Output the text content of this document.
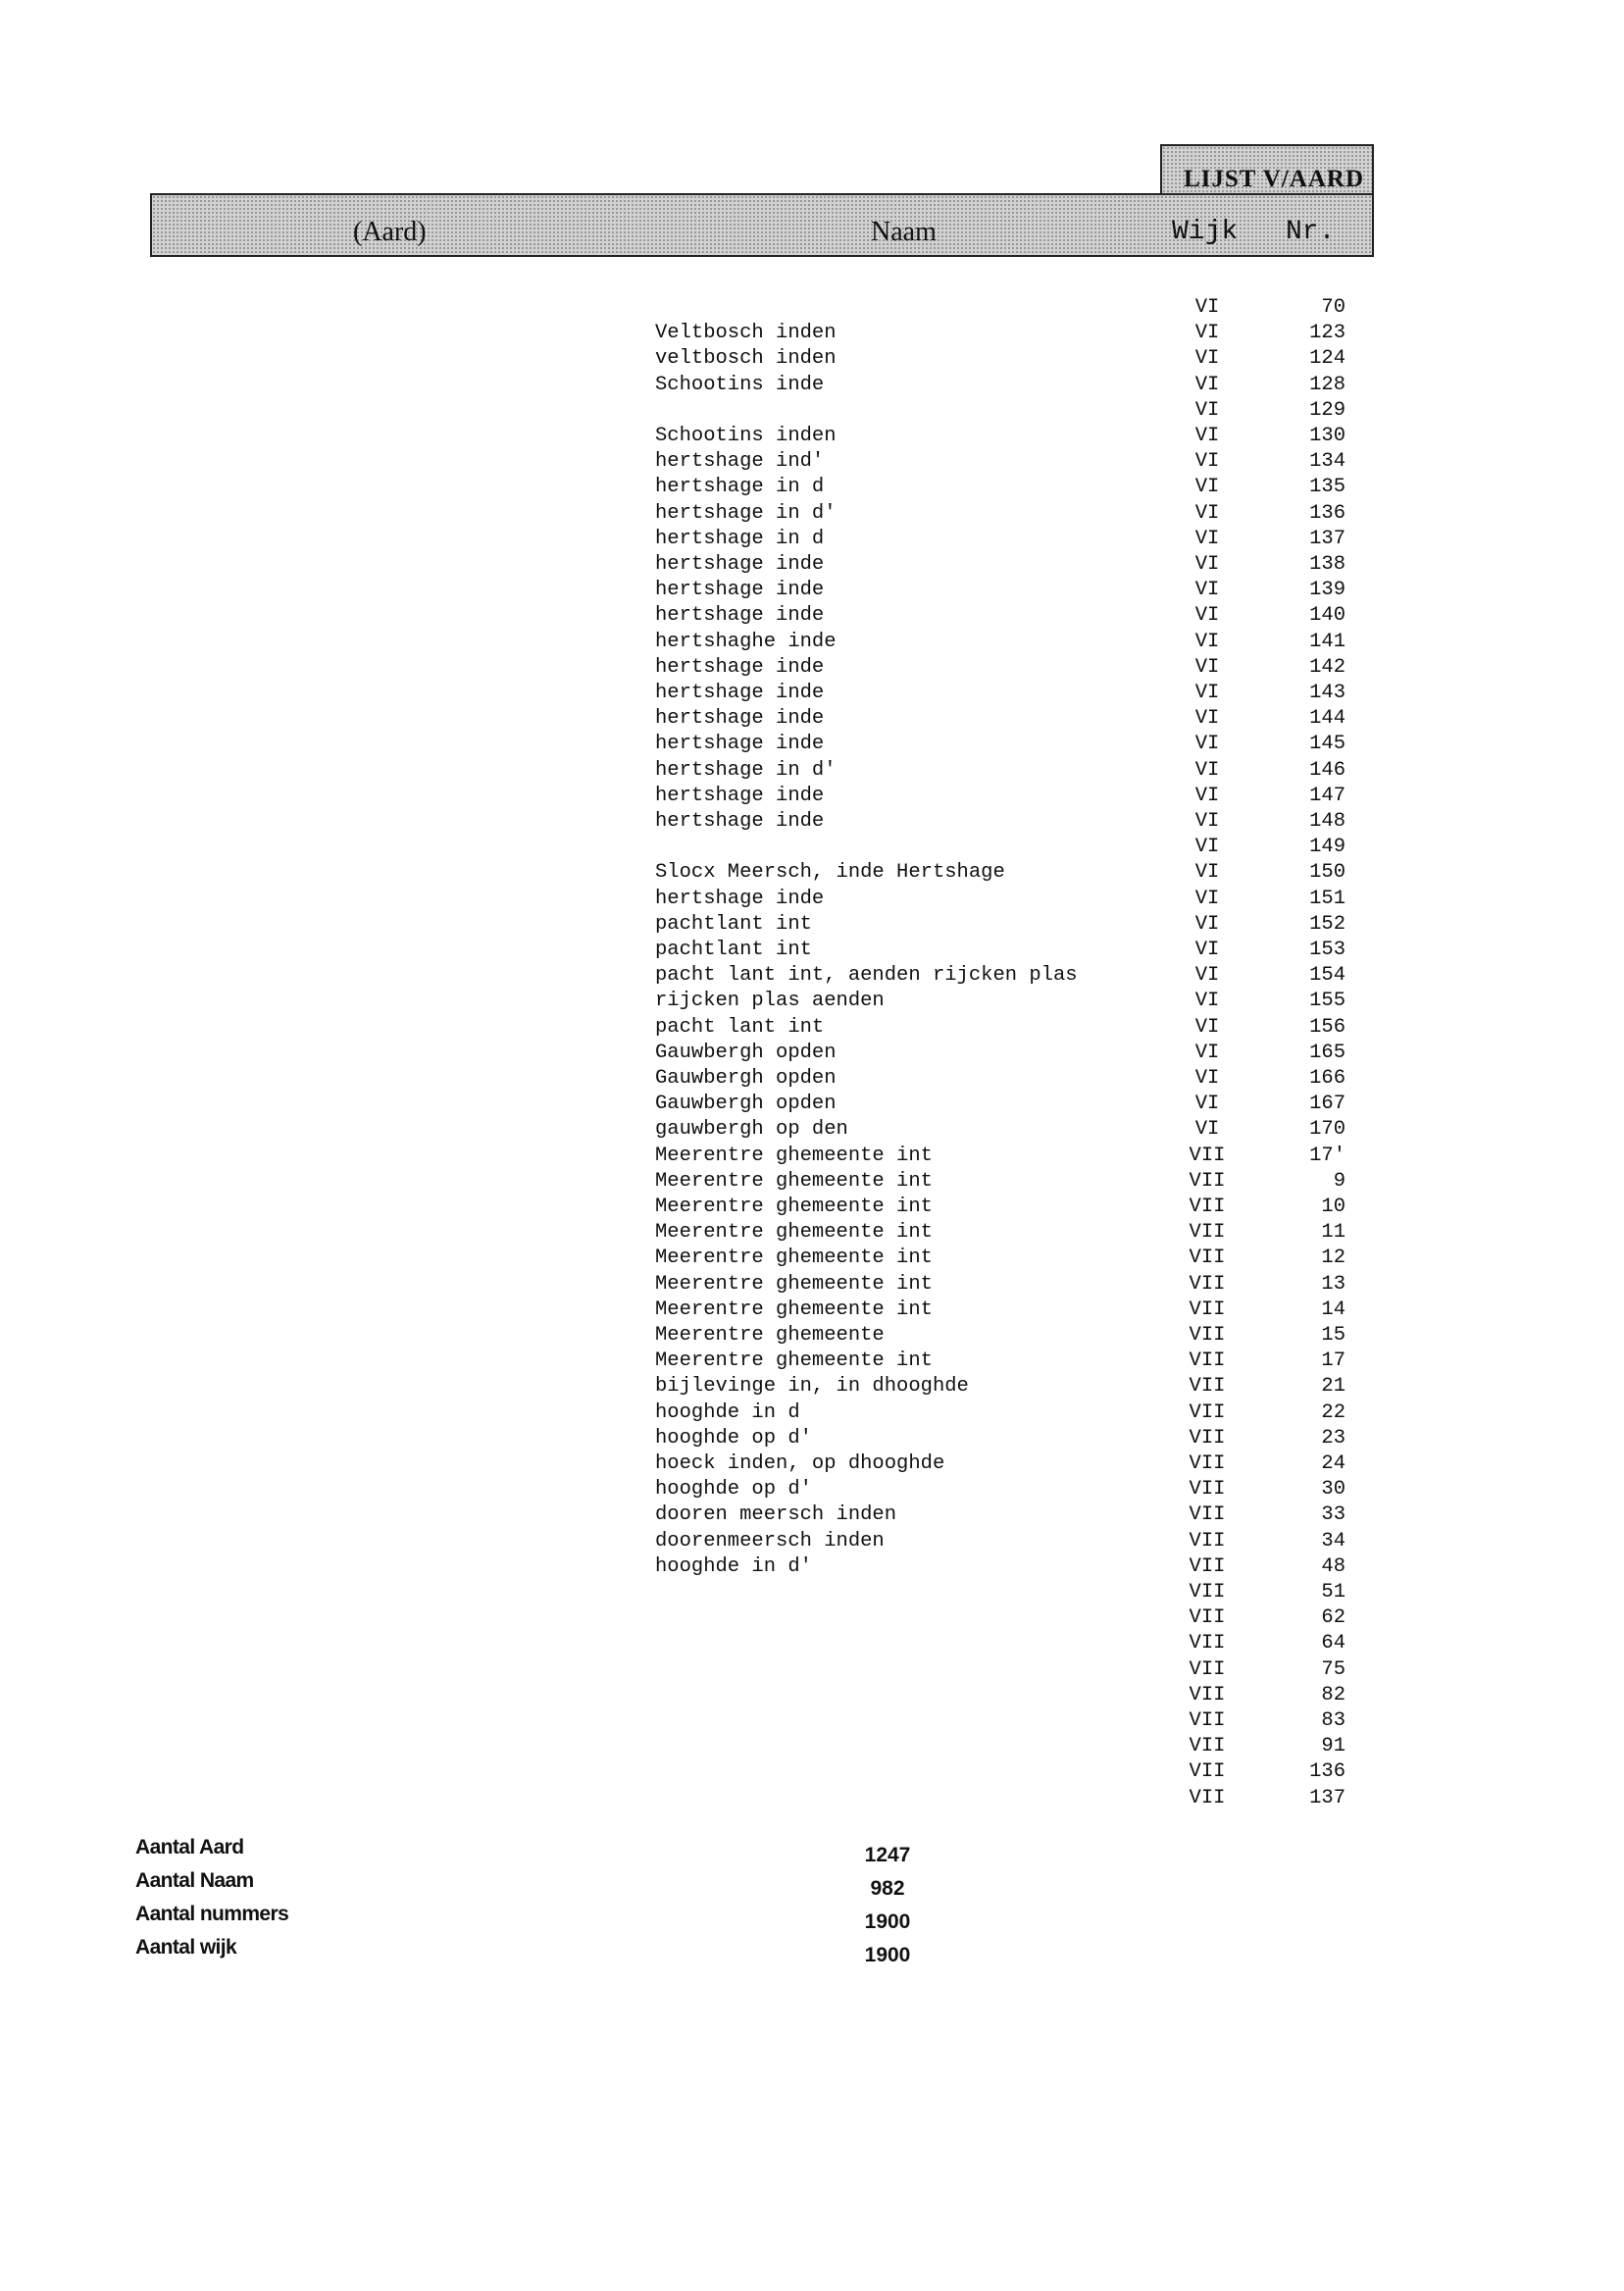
LIJST V/AARD
(Aard)	Naam	Wijk Nr.
VI	70
Veltbosch inden	VI	123
veltbosch inden	VI	124
Schootins inde	VI	128
VI	129
Schootins inden	VI	130
hertshage ind'	VI	134
hertshage in d	VI	135
hertshage in d'	VI	136
hertshage in d	VI	137
hertshage inde	VI	138
hertshage inde	VI	139
hertshage inde	VI	140
hertshaghe inde	VI	141
hertshage inde	VI	142
hertshage inde	VI	143
hertshage inde	VI	144
hertshage inde	VI	145
hertshage in d'	VI	146
hertshage inde	VI	147
hertshage inde	VI	148
VI	149
Slocx Meersch, inde Hertshage	VI	150
hertshage inde	VI	151
pachtlant int	VI	152
pachtlant int	VI	153
pacht lant int, aenden rijcken plas	VI	154
rijcken plas aenden	VI	155
pacht lant int	VI	156
Gauwbergh opden	VI	165
Gauwbergh opden	VI	166
Gauwbergh opden	VI	167
gauwbergh op den	VI	170
Meerentre ghemeente int	VII	17'
Meerentre ghemeente int	VII	9
Meerentre ghemeente int	VII	10
Meerentre ghemeente int	VII	11
Meerentre ghemeente int	VII	12
Meerentre ghemeente int	VII	13
Meerentre ghemeente int	VII	14
Meerentre ghemeente	VII	15
Meerentre ghemeente int	VII	17
bijlevinge in, in dhooghde	VII	21
hooghde in d	VII	22
hooghde op d'	VII	23
hoeck inden, op dhooghde	VII	24
hooghde op d'	VII	30
dooren meersch inden	VII	33
doorenmeersch inden	VII	34
hooghde in d'	VII	48
VII	51
VII	62
VII	64
VII	75
VII	82
VII	83
VII	91
VII	136
VII	137
Aantal Aard	1247
Aantal Naam	982
Aantal nummers	1900
Aantal wijk	1900
